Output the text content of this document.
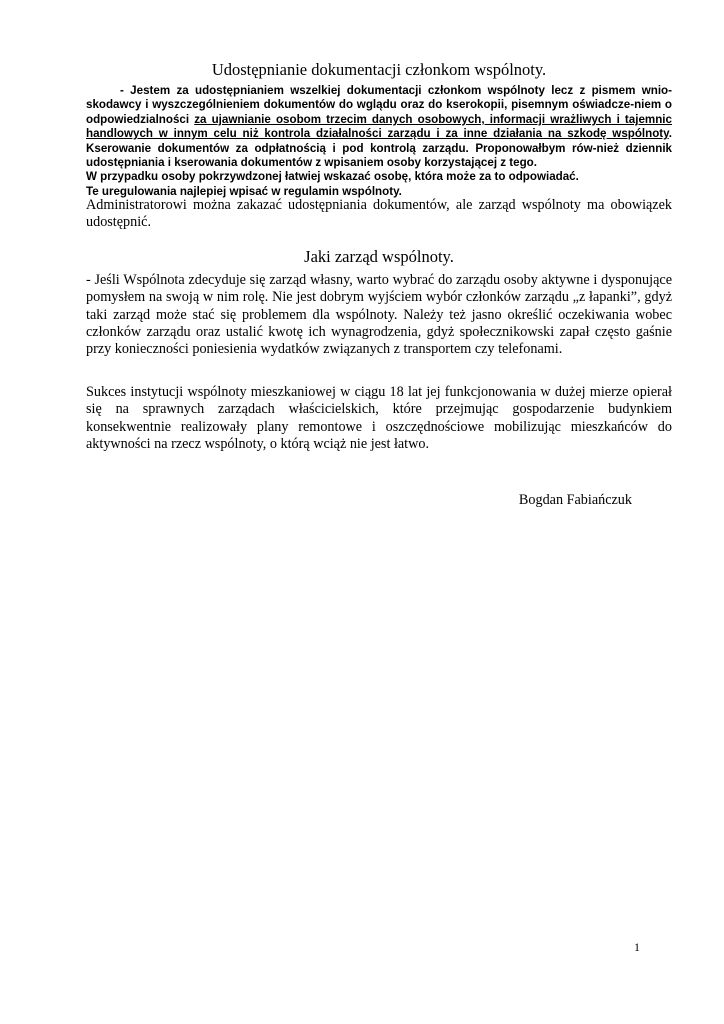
Udostępnianie dokumentacji członkom wspólnoty.

- Jestem za udostępnianiem wszelkiej dokumentacji członkom wspólnoty lecz z pismem wnio-skodawcy i wyszczególnieniem dokumentów do wglądu oraz do kserokopii, pisemnym oświadcze-niem o odpowiedzialności za ujawnianie osobom trzecim danych osobowych, informacji wrażliwych i tajemnic handlowych w innym celu niż kontrola działalności zarządu i za inne działania na szkodę wspólnoty. Kserowanie dokumentów za odpłatnością i pod kontrolą zarządu. Proponowałbym rów-nież dziennik udostępniania i kserowania dokumentów z wpisaniem osoby korzystającej z tego.
W przypadku osoby pokrzywdzonej łatwiej wskazać osobę, która może za to odpowiadać.
Te uregulowania najlepiej wpisać w regulamin wspólnoty.

Administratorowi można zakazać udostępniania dokumentów, ale zarząd wspólnoty ma obowiązek udostępnić.

Jaki zarząd wspólnoty.

- Jeśli Wspólnota zdecyduje się zarząd własny, warto wybrać do zarządu osoby aktywne i dysponujące pomysłem na swoją w nim rolę. Nie jest dobrym wyjściem wybór członków zarządu „z łapanki”, gdyż taki zarząd może stać się problemem dla wspólnoty. Należy też jasno określić oczekiwania wobec członków zarządu oraz ustalić kwotę ich wynagrodzenia, gdyż społecznikowski zapał często gaśnie przy konieczności poniesienia wydatków związanych z transportem czy telefonami.

Sukces instytucji wspólnoty mieszkaniowej w ciągu 18 lat jej funkcjonowania w dużej mierze opierał się na sprawnych zarządach właścicielskich, które przejmując gospodarzenie budynkiem konsekwentnie realizowały plany remontowe i oszczędnościowe mobilizując mieszkańców do aktywności na rzecz wspólnoty, o którą wciąż nie jest łatwo.

Bogdan Fabiańczuk

1
